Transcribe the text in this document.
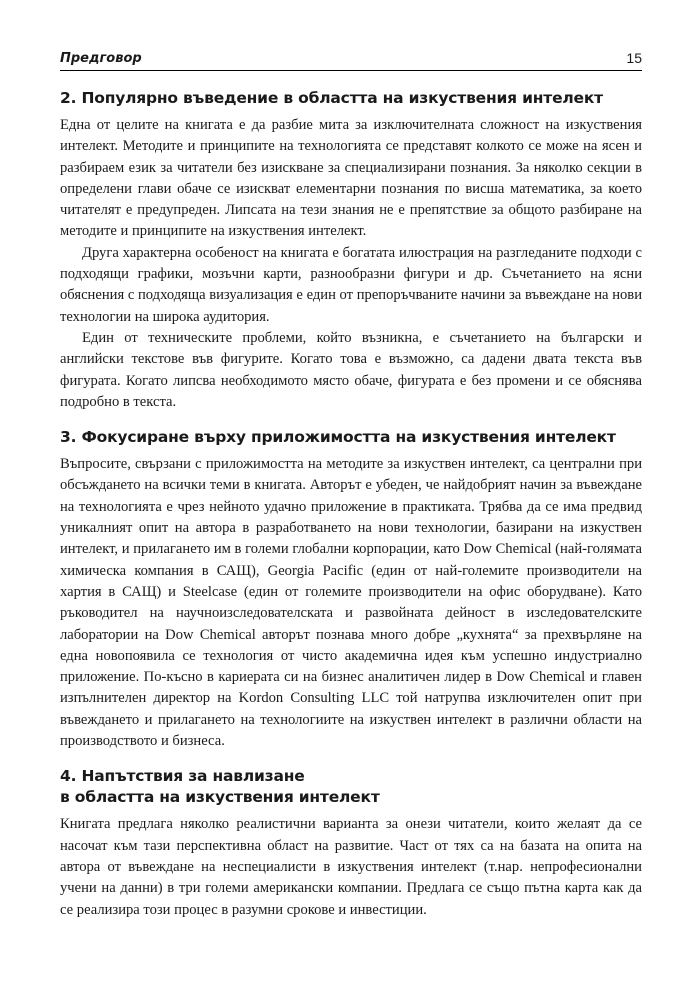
Предговор	15
2. Популярно въведение в областта на изкуствения интелект

Една от целите на книгата е да разбие мита за изключителната сложност на изкуствения интелект. Методите и принципите на технологията се представят колкото се може на ясен и разбираем език за читатели без изискване за специализирани познания. За няколко секции в определени глави обаче се изискват елементарни познания по висша математика, за което читателят е предупреден. Липсата на тези знания не е препятствие за общото разбиране на методите и принципите на изкуствения интелект.

Друга характерна особеност на книгата е богатата илюстрация на разгледаните подходи с подходящи графики, мозъчни карти, разнообразни фигури и др. Съчетанието на ясни обяснения с подходяща визуализация е един от препоръчваните начини за въвеждане на нови технологии на широка аудитория.

Един от техническите проблеми, който възникна, е съчетанието на български и английски текстове във фигурите. Когато това е възможно, са дадени двата текста във фигурата. Когато липсва необходимото място обаче, фигурата е без промени и се обяснява подробно в текста.

3. Фокусиране върху приложимостта на изкуствения интелект

Въпросите, свързани с приложимостта на методите за изкуствен интелект, са централни при обсъждането на всички теми в книгата. Авторът е убеден, че найдобрият начин за въвеждане на технологията е чрез нейното удачно приложение в практиката. Трябва да се има предвид уникалният опит на автора в разработването на нови технологии, базирани на изкуствен интелект, и прилагането им в големи глобални корпорации, като Dow Chemical (най-голямата химическа компания в САЩ), Georgia Pacific (един от най-големите производители на хартия в САЩ) и Steelcase (един от големите производители на офис оборудване). Като ръководител на научноизследователската и развойната дейност в изследователските лаборатории на Dow Chemical авторът познава много добре „кухнята“ за прехвърляне на една новопоявила се технология от чисто академична идея към успешно индустриално приложение. По-късно в кариерата си на бизнес аналитичен лидер в Dow Chemical и главен изпълнителен директор на Kordon Consulting LLC той натрупва изключителен опит при въвеждането и прилагането на технологиите на изкуствен интелект в различни области на производството и бизнеса.

4. Напътствия за навлизане
в областта на изкуствения интелект

Книгата предлага няколко реалистични варианта за онези читатели, които желаят да се насочат към тази перспективна област на развитие. Част от тях са на базата на опита на автора от въвеждане на неспециалисти в изкуствения интелект (т.нар. непрофесионални учени на данни) в три големи американски компании. Предлага се също пътна карта как да се реализира този процес в разумни срокове и инвестиции.
